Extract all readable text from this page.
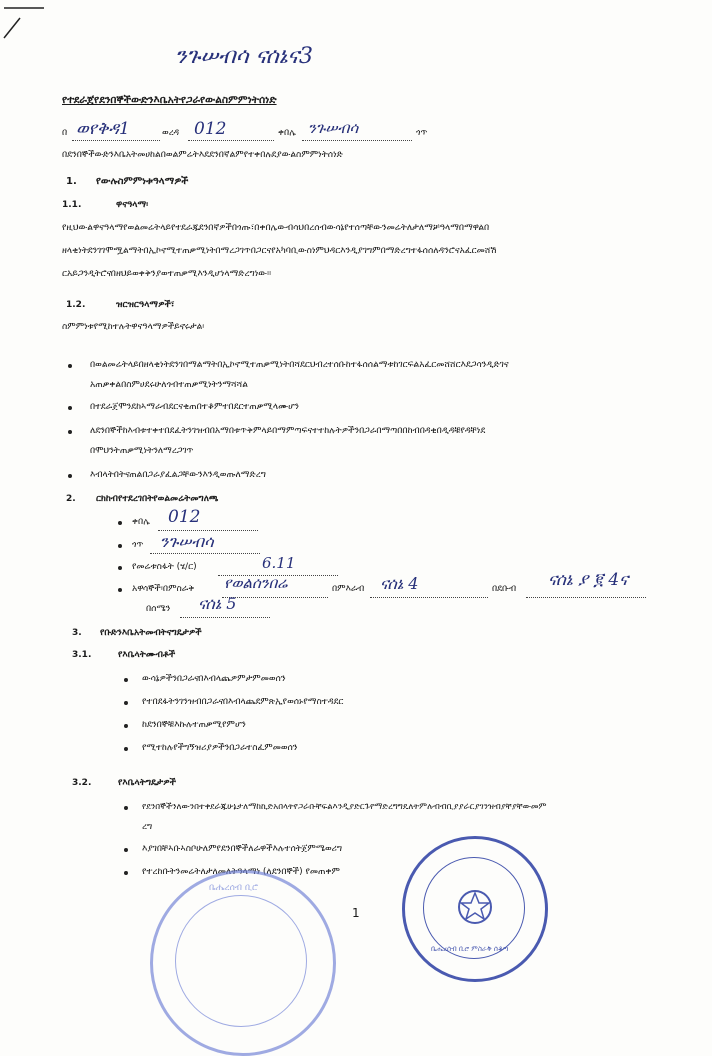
ንጉሠብሳ ናሰኔና3
የተደራጀየደንበኞችውድንእቤአትየጋራየውልስምምነትሰነድ
በ ወየቅዳ1	ወረዳ 012	ቀበሌ ንጉሠብሳ	ጎጥ
በደንበኞችውድንእቤአትመሀከልበወልምሬትእደደንበኛልምየተቀበሉደያውልስምምነትሰነድ
1. የውሉስምምነቱዓላማዎች
1.1.	ዋናዓላማ፡
የዚህውልዋናዓላማየወልመሬትላይየተደራጁደንበኛዎችበጎጡ፣በቀበሌውብሳህበረሰብውሳኔየተሰጣቸውንመሬትለታለማቻዓላማበማዋልበ
ዘላቂነትደንገገሞሟልማትበኢኮኖሚተጠቃሚነትበማረጋገጥበጋርናየአካባቢውስነምህዳርእንዲያገግምበማድረግተፋሰሰለዳንሮናአፈርመሸሽ
ርአይጋንዲትሮናበዘህይወቀቅንያወተጠቃሚእንዲሆነላማድረግነው።
1.2.	ዝርዝርዓላማዎች፣
ስምምነቱየሚከተሉትዋናዓላማዎችይኖሩታል፡
በወልመሬትላይበዘላቂነትደንገበማልማትበኢኮኖሚተጠቃሚነትበሻደርህብረተሰቡከተፋሰሰልማቱከገርፍልአፈርመሸሸርእደጋሳንዲድገና
አጠቃቀልበስምሀደሩሁለጎብተጠቃሚነትንማሻሻል
በተደራጀሞንደከኣማራብደርናቂጠበተቆምተበደርተጠቃሚላሙሆን
ለደንበኞችከእብቱተቀተበደፈትንገዝብበአማበቱጥቅምላይበማምጣፍናተተከሉትዎችንበጋራበማጣበበከብበዳቂበዲዳቹየዳቸነደ
በሞህንትጠቃሚነትንለማረጋገጥ
እብላትበትናጠልበጋራያፈልጋቸውንእንዲወጡለማድረግ
2. ርክከብየተደረገበትየወልመሬትመግለጫ
ቀበሌ 012
ጎጥ ንጉሠብሳ
የመሬቱስፋት (ሄ/ር)	6.11
አዋሳኞች፡በምስራቅ የወልሰንበሬ	በምእራብ ናሰኔ 4	በደቡብ ናሰኔ ያ ፪ 4ና
በሰሜን ናሰኔ 5
3. የቡድንእቤአትመብትናግዴታዎች
3.1.	የእቤላትሙብቶች
ውሳኔዎችንበጋራናበእብላጨዎምታምመወሰን
የተበደፋትንገንዝብበጋራናበእብላጨደምጽኢየወሰኑየማስተዳደር
ከደንበኞቹእኩሉተጠቃሚየምሆን
የሚተከሉየችግኝዝሪያዎችንበጋራተስፈምመወሰን
3.2.	የእቤላትግዴታዎች
የደንበኞችንለውንበተቀደራጁሁኔታለማከኪድአበላትየጋራቡቸፍልእንዲያድርጉየማድረግግዴለትምሉብብቢያያራርያገንዝብያቸያቸውመም
ረግ
እያገበቸኣቡኣስቦሁለምየደንበኞችለራዋችእሉተሰትጀምሜወሪግ
የተረከቡትንመሬትለታለመለትዓላማነ (ለደንበኞች) የመጠቀም
1
ቤሔረሰብ ቢሮ ምስራቅ ሰቆጣ
ቤሔረሰብ ቢሮ
